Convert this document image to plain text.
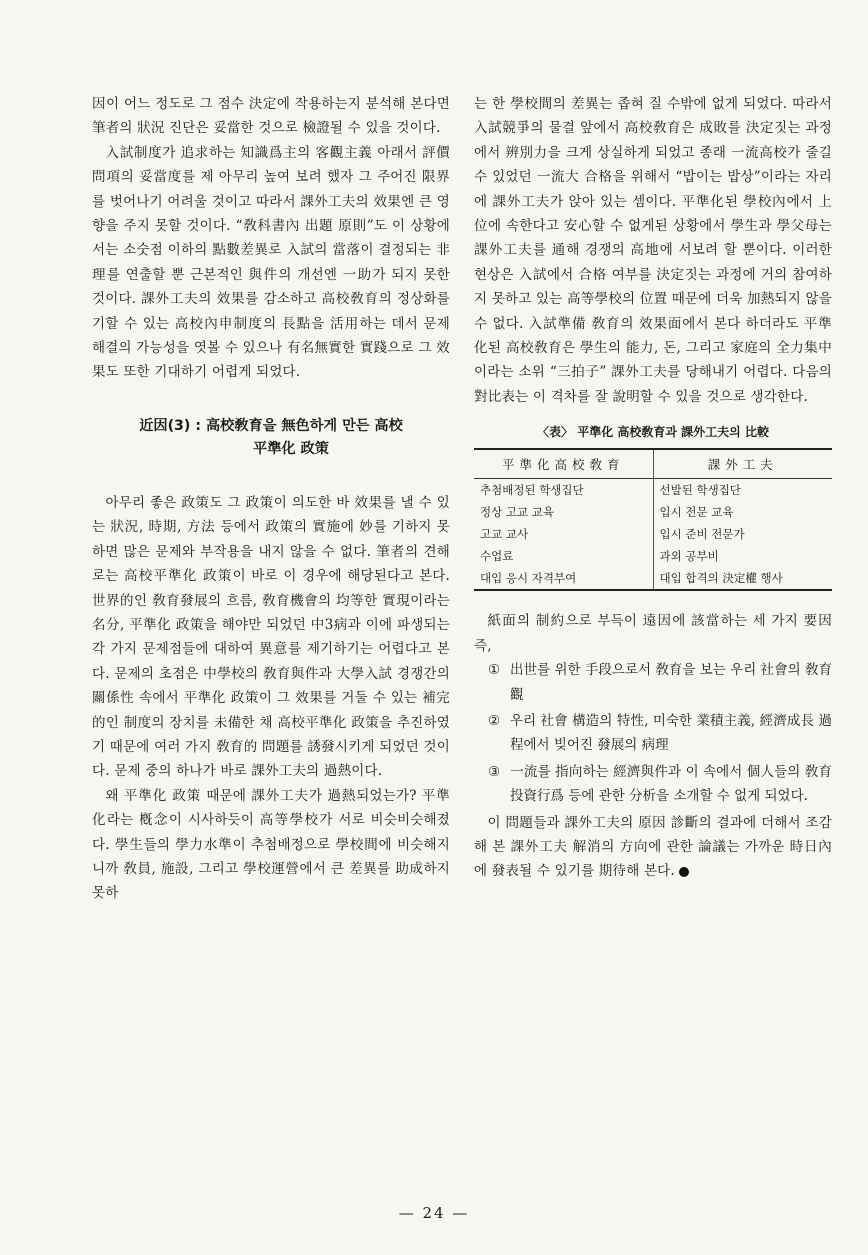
因이 어느 정도로 그 점수 決定에 작용하는지 분석해 본다면 筆者의 狀況 진단은 妥當한 것으로 檢證될 수 있을 것이다.

入試制度가 追求하는 知識爲主의 客觀主義 아래서 評價問項의 妥當度를 제 아무리 높여 보려 했자 그 주어진 限界를 벗어나기 어려울 것이고 따라서 課外工夫의 效果엔 큰 영향을 주지 못할 것이다. “敎科書內 出題 原則”도 이 상황에서는 소숫점 이하의 點數差異로 入試의 當落이 결정되는 非理를 연출할 뿐 근본적인 與件의 개선엔 一助가 되지 못한 것이다. 課外工夫의 效果를 감소하고 高校敎育의 정상화를 기할 수 있는 高校內申制度의 長點을 活用하는 데서 문제 해결의 가능성을 엿볼 수 있으나 有名無實한 實踐으로 그 效果도 또한 기대하기 어렵게 되었다.

近因(3) : 高校敎育을 無色하게 만든 高校
平準化 政策

아무리 좋은 政策도 그 政策이 의도한 바 效果를 낼 수 있는 狀況, 時期, 方法 등에서 政策의 實施에 妙를 기하지 못하면 많은 문제와 부작용을 내지 않을 수 없다. 筆者의 견해로는 高校平準化 政策이 바로 이 경우에 해당된다고 본다. 世界的인 敎育發展의 흐름, 敎育機會의 均等한 實現이라는 名分, 平準化 政策을 해야만 되었던 中3病과 이에 파생되는 각 가지 문제점들에 대하여 異意를 제기하기는 어렵다고 본다. 문제의 초점은 中學校의 敎育與件과 大學入試 경쟁간의 關係性 속에서 平準化 政策이 그 效果를 거둘 수 있는 補完的인 制度의 장치를 未備한 채 高校平準化 政策을 추진하였기 때문에 여러 가지 敎育的 問題를 誘發시키게 되었던 것이다. 문제 중의 하나가 바로 課外工夫의 過熱이다.

왜 平準化 政策 때문에 課外工夫가 過熱되었는가? 平準化라는 槪念이 시사하듯이 高等學校가 서로 비슷비슷해졌다. 學生들의 學力水準이 추첨배정으로 學校間에 비슷해지니까 敎員, 施設, 그리고 學校運營에서 큰 差異를 助成하지 못하

는 한 學校間의 差異는 좁혀 질 수밖에 없게 되었다. 따라서 入試競爭의 물결 앞에서 高校敎育은 成敗를 決定짓는 과정에서 辨別力을 크게 상실하게 되었고 종래 一流高校가 줄길 수 있었던 一流大 合格을 위해서 “밥이는 밥상”이라는 자리에 課外工夫가 앉아 있는 셈이다. 平準化된 學校內에서 上位에 속한다고 安心할 수 없게된 상황에서 學生과 學父母는 課外工夫를 通해 경쟁의 高地에 서보려 할 뿐이다. 이러한 현상은 入試에서 合格 여부를 決定짓는 과정에 거의 참여하지 못하고 있는 高等學校의 位置 때문에 더욱 加熱되지 않을 수 없다. 入試準備 敎育의 效果面에서 본다 하더라도 平準化된 高校敎育은 學生의 能力, 돈, 그리고 家庭의 全力集中이라는 소위 “三拍子” 課外工夫를 당해내기 어렵다. 다음의 對比表는 이 격차를 잘 說明할 수 있을 것으로 생각한다.

〈表〉 平準化 高校敎育과 課外工夫의 比較
平準化高校敎育	課外工夫
추첨배정된 학생집단	선발된 학생집단
정상 고교 교육	입시 전문 교육
고교 교사	입시 준비 전문가
수업료	과외 공부비
대입 응시 자격부여	대입 합격의 決定權 행사

紙面의 制約으로 부득이 遠因에 該當하는 세 가지 要因 즉,

① 出世를 위한 手段으로서 敎育을 보는 우리 社會의 敎育觀
② 우리 社會 構造의 特性, 미숙한 業積主義, 經濟成長 過程에서 빚어진 發展의 病理
③ 一流를 指向하는 經濟與件과 이 속에서 個人들의 敎育投資行爲 등에 관한 分析을 소개할 수 없게 되었다.

이 問題들과 課外工夫의 原因 診斷의 결과에 더해서 조감해 본 課外工夫 解消의 方向에 관한 論議는 가까운 時日內에 發表될 수 있기를 期待해 본다.

— 24 —
